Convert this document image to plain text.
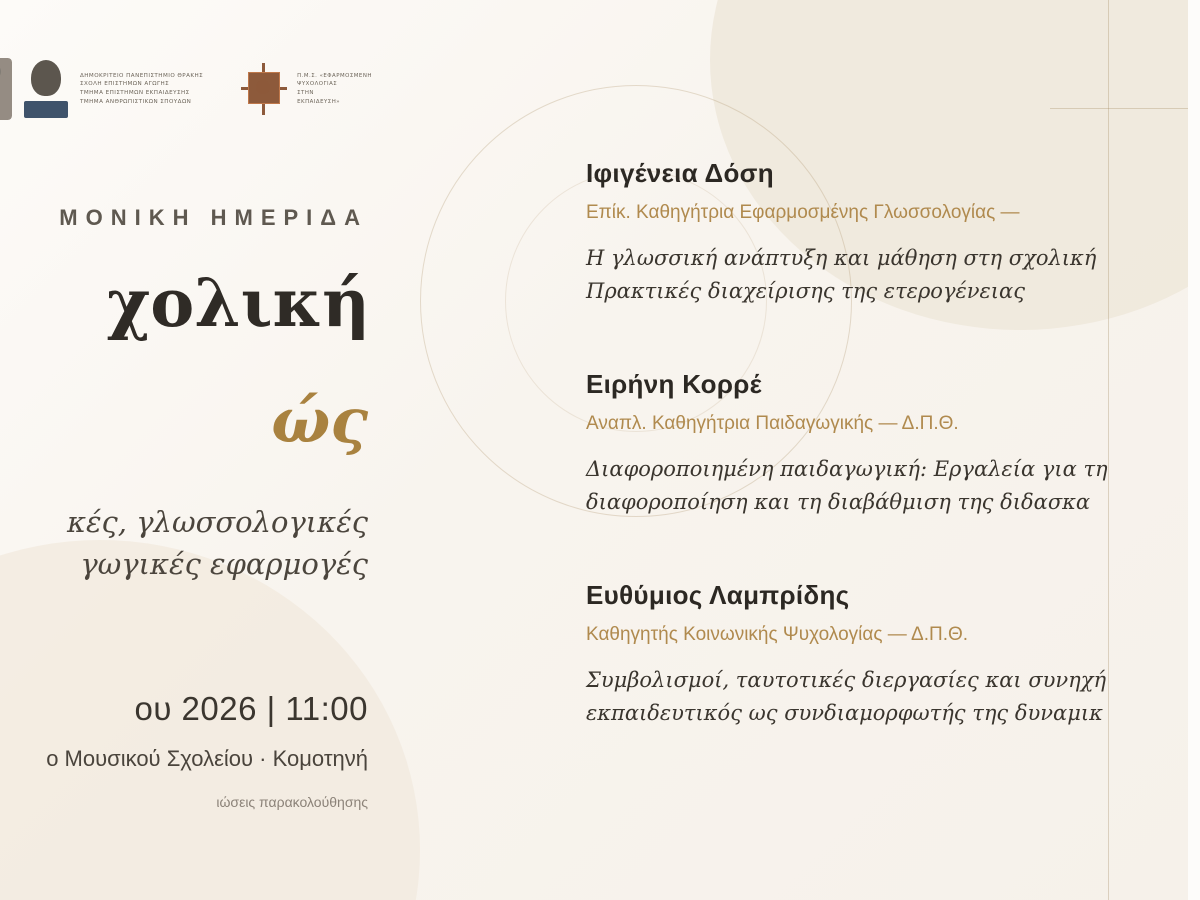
ΔΗΜΟΚΡΙΤΕΙΟ ΠΑΝΕΠΙΣΤΗΜΙΟ ΘΡΑΚΗΣ
ΣΧΟΛΗ ΕΠΙΣΤΗΜΩΝ ΑΓΩΓΗΣ
ΤΜΗΜΑ ΕΠΙΣΤΗΜΩΝ ΕΚΠΑΙΔΕΥΣΗΣ
ΤΜΗΜΑ ΑΝΘΡΩΠΙΣΤΙΚΩΝ ΣΠΟΥΔΩΝ
Π.Μ.Σ. «ΕΦΑΡΜΟΣΜΕΝΗ
ΨΥΧΟΛΟΓΙΑΣ
ΣΤΗΝ
ΕΚΠΑΙΔΕΥΣΗ»
ΜΟΝΙΚΗ ΗΜΕΡΙΔΑ
χολική
ώς
κές, γλωσσολογικές
γωγικές εφαρμογές
ου 2026 | 11:00
ο Μουσικού Σχολείου · Κομοτηνή
ιώσεις παρακολούθησης
Ιφιγένεια Δόση
Επίκ. Καθηγήτρια Εφαρμοσμένης Γλωσσολογίας —
Η γλωσσική ανάπτυξη και μάθηση στη σχολική
Πρακτικές διαχείρισης της ετερογένειας
Ειρήνη Κορρέ
Αναπλ. Καθηγήτρια Παιδαγωγικής — Δ.Π.Θ.
Διαφοροποιημένη παιδαγωγική: Εργαλεία για τη
διαφοροποίηση και τη διαβάθμιση της διδασκα
Ευθύμιος Λαμπρίδης
Καθηγητής Κοινωνικής Ψυχολογίας — Δ.Π.Θ.
Συμβολισμοί, ταυτοτικές διεργασίες και συνηχή
εκπαιδευτικός ως συνδιαμορφωτής της δυναμικ
